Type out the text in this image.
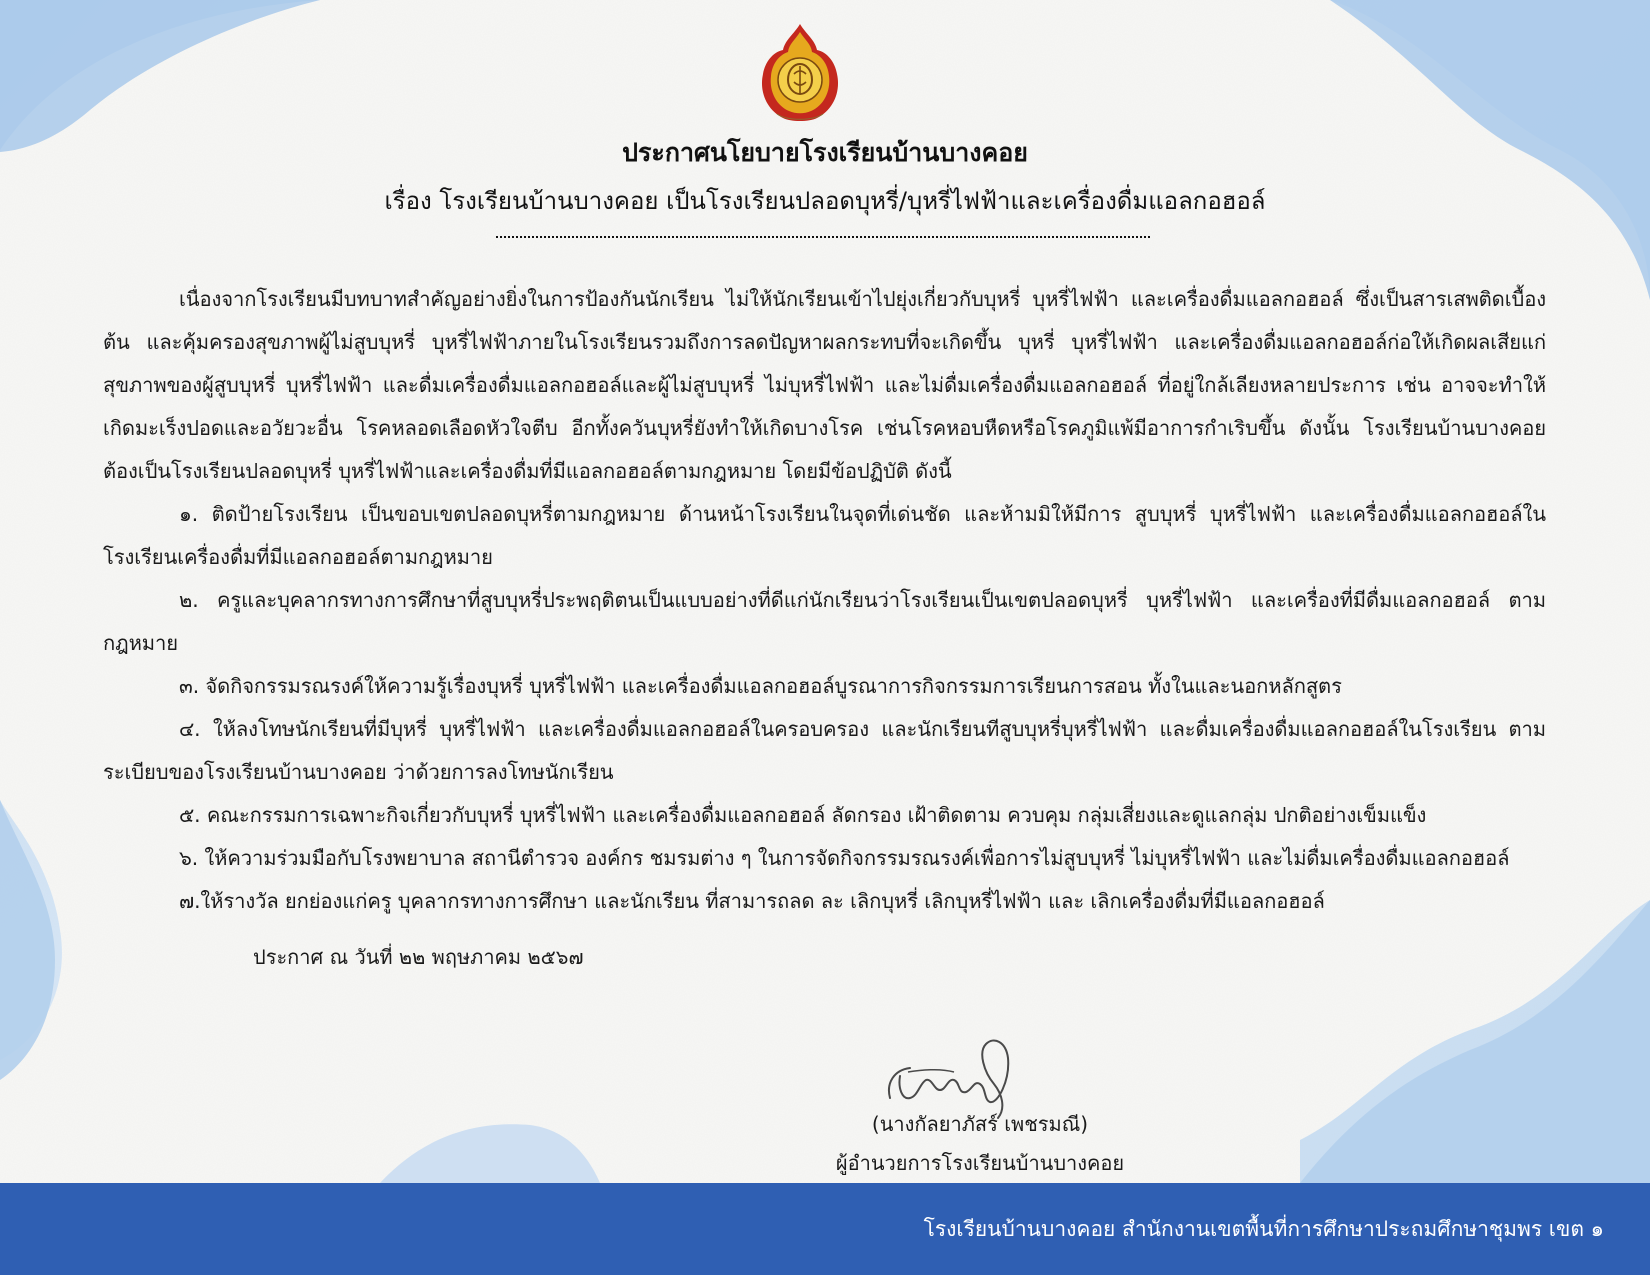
ประกาศนโยบายโรงเรียนบ้านบางคอย
เรื่อง โรงเรียนบ้านบางคอย เป็นโรงเรียนปลอดบุหรี่/บุหรี่ไฟฟ้าและเครื่องดื่มแอลกอฮอล์

เนื่องจากโรงเรียนมีบทบาทสำคัญอย่างยิ่งในการป้องกันนักเรียน ไม่ให้นักเรียนเข้าไปยุ่งเกี่ยวกับบุหรี่ บุหรี่ไฟฟ้า และเครื่องดื่มแอลกอฮอล์ ซึ่งเป็นสารเสพติดเบื้องต้น และคุ้มครองสุขภาพผู้ไม่สูบบุหรี่ บุหรี่ไฟฟ้าภายในโรงเรียนรวมถึงการลดปัญหาผลกระทบที่จะเกิดขึ้น บุหรี่ บุหรี่ไฟฟ้า และเครื่องดื่มแอลกอฮอล์ก่อให้เกิดผลเสียแก่สุขภาพของผู้สูบบุหรี่ บุหรี่ไฟฟ้า และดื่มเครื่องดื่มแอลกอฮอล์และผู้ไม่สูบบุหรี่ ไม่บุหรี่ไฟฟ้า และไม่ดื่มเครื่องดื่มแอลกอฮอล์ ที่อยู่ใกล้เลียงหลายประการ เช่น อาจจะทำให้เกิดมะเร็งปอดและอวัยวะอื่น โรคหลอดเลือดหัวใจตีบ อีกทั้งควันบุหรี่ยังทำให้เกิดบางโรค เช่นโรคหอบหืดหรือโรคภูมิแพ้มีอาการกำเริบขึ้น ดังนั้น โรงเรียนบ้านบางคอย ต้องเป็นโรงเรียนปลอดบุหรี่ บุหรี่ไฟฟ้าและเครื่องดื่มที่มีแอลกอฮอล์ตามกฎหมาย โดยมีข้อปฏิบัติ ดังนี้

๑. ติดป้ายโรงเรียน เป็นขอบเขตปลอดบุหรี่ตามกฎหมาย ด้านหน้าโรงเรียนในจุดที่เด่นชัด และห้ามมิให้มีการ สูบบุหรี่ บุหรี่ไฟฟ้า และเครื่องดื่มแอลกอฮอล์ในโรงเรียนเครื่องดื่มที่มีแอลกอฮอล์ตามกฎหมาย

๒. ครูและบุคลากรทางการศึกษาที่สูบบุหรี่ประพฤติตนเป็นแบบอย่างที่ดีแก่นักเรียนว่าโรงเรียนเป็นเขตปลอดบุหรี่ บุหรี่ไฟฟ้า และเครื่องที่มีดื่มแอลกอฮอล์ ตามกฎหมาย

๓. จัดกิจกรรมรณรงค์ให้ความรู้เรื่องบุหรี่ บุหรี่ไฟฟ้า และเครื่องดื่มแอลกอฮอล์บูรณาการกิจกรรมการเรียนการสอน ทั้งในและนอกหลักสูตร

๔. ให้ลงโทษนักเรียนที่มีบุหรี่ บุหรี่ไฟฟ้า และเครื่องดื่มแอลกอฮอล์ในครอบครอง และนักเรียนทีสูบบุหรี่บุหรี่ไฟฟ้า และดื่มเครื่องดื่มแอลกอฮอล์ในโรงเรียน ตามระเบียบของโรงเรียนบ้านบางคอย ว่าด้วยการลงโทษนักเรียน

๕. คณะกรรมการเฉพาะกิจเกี่ยวกับบุหรี่ บุหรี่ไฟฟ้า และเครื่องดื่มแอลกอฮอล์ ลัดกรอง เฝ้าติดตาม ควบคุม กลุ่มเสี่ยงและดูแลกลุ่ม ปกติอย่างเข็มแข็ง

๖. ให้ความร่วมมือกับโรงพยาบาล สถานีตำรวจ องค์กร ชมรมต่าง ๆ ในการจัดกิจกรรมรณรงค์เพื่อการไม่สูบบุหรี่ ไม่บุหรี่ไฟฟ้า และไม่ดื่มเครื่องดื่มแอลกอฮอล์

๗.ให้รางวัล ยกย่องแก่ครู บุคลากรทางการศึกษา และนักเรียน ที่สามารถลด ละ เลิกบุหรี่ เลิกบุหรี่ไฟฟ้า และ เลิกเครื่องดื่มที่มีแอลกอฮอล์

ประกาศ ณ วันที่ ๒๒ พฤษภาคม ๒๕๖๗
(นางกัลยาภัสร์ เพชรมณี)
ผู้อำนวยการโรงเรียนบ้านบางคอย
โรงเรียนบ้านบางคอย สำนักงานเขตพื้นที่การศึกษาประถมศึกษาชุมพร เขต ๑
